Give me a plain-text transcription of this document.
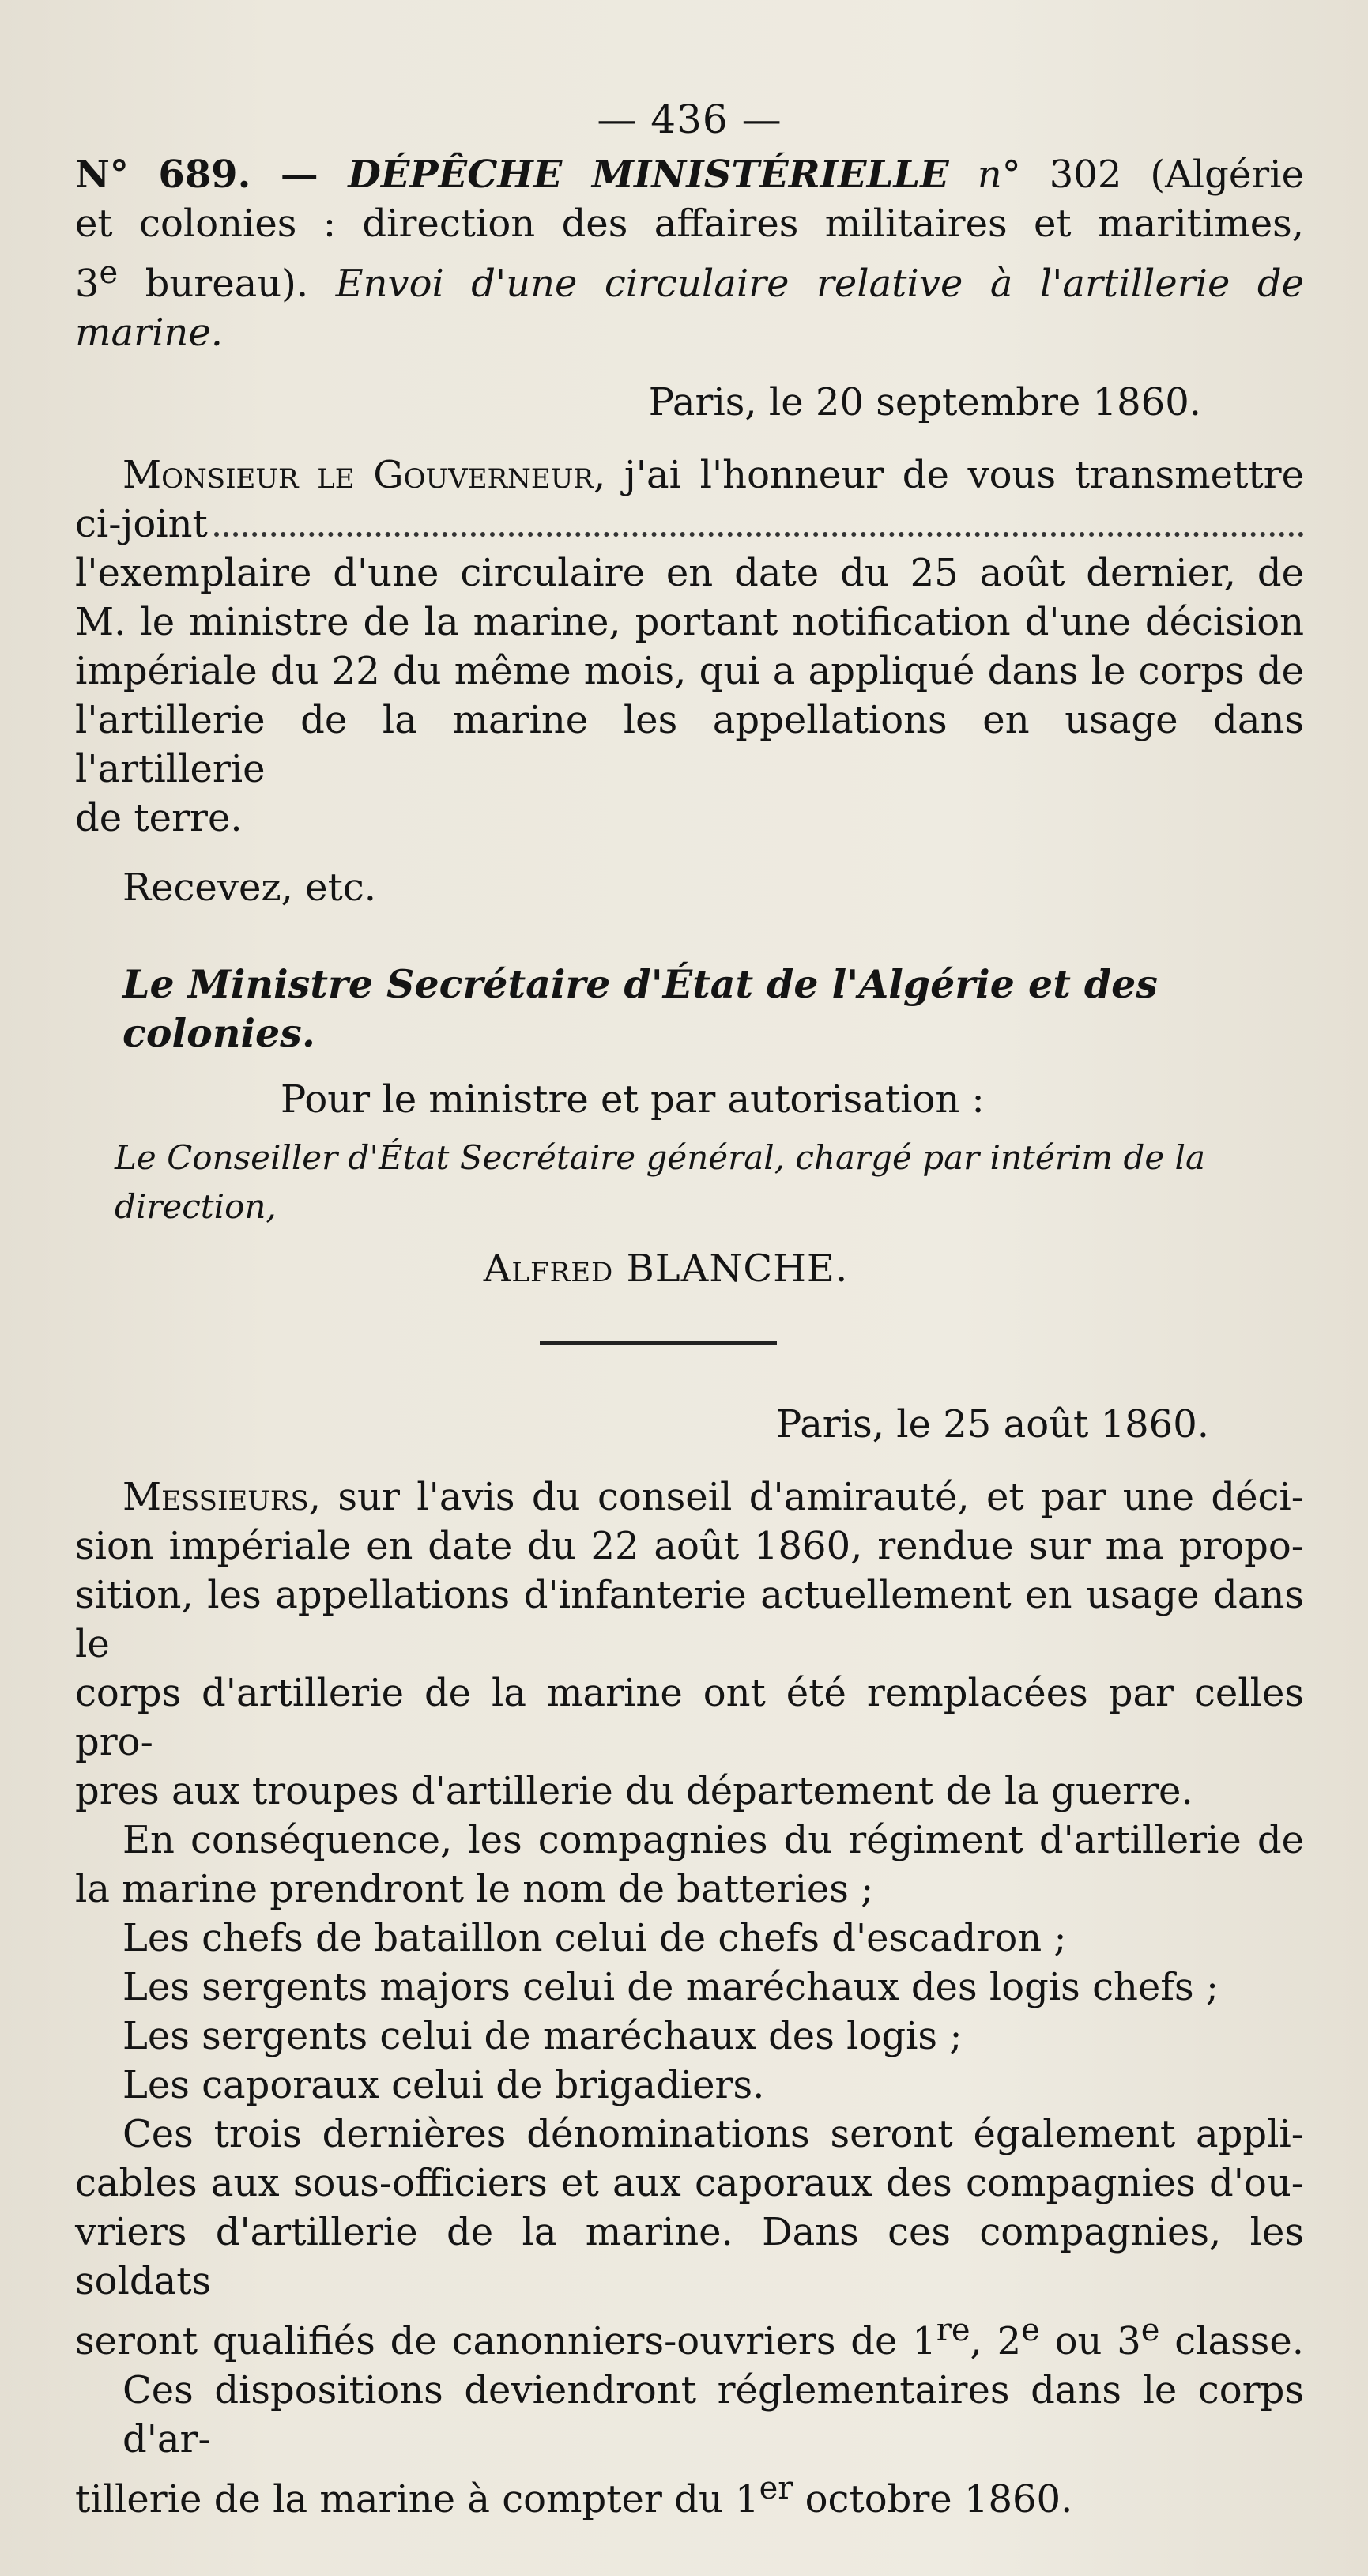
— 436 —

N° 689. — DÉPÊCHE MINISTÉRIELLE n° 302 (Algérie

et colonies : direction des affaires militaires et maritimes,

3e bureau). Envoi d'une circulaire relative à l'artillerie de

marine.

Paris, le 20 septembre 1860.

Monsieur le Gouverneur, j'ai l'honneur de vous transmettre

ci-joint

l'exemplaire d'une circulaire en date du 25 août dernier, de

M. le ministre de la marine, portant notification d'une décision

impériale du 22 du même mois, qui a appliqué dans le corps de

l'artillerie de la marine les appellations en usage dans l'artillerie

de terre.

Recevez, etc.

Le Ministre Secrétaire d'État de l'Algérie et des colonies.

Pour le ministre et par autorisation :

Le Conseiller d'État Secrétaire général, chargé par intérim de la direction,

Alfred BLANCHE.

Paris, le 25 août 1860.

Messieurs, sur l'avis du conseil d'amirauté, et par une déci-

sion impériale en date du 22 août 1860, rendue sur ma propo-

sition, les appellations d'infanterie actuellement en usage dans le

corps d'artillerie de la marine ont été remplacées par celles pro-

pres aux troupes d'artillerie du département de la guerre.

En conséquence, les compagnies du régiment d'artillerie de

la marine prendront le nom de batteries ;

Les chefs de bataillon celui de chefs d'escadron ;

Les sergents majors celui de maréchaux des logis chefs ;

Les sergents celui de maréchaux des logis ;

Les caporaux celui de brigadiers.

Ces trois dernières dénominations seront également appli-

cables aux sous-officiers et aux caporaux des compagnies d'ou-

vriers d'artillerie de la marine. Dans ces compagnies, les soldats

seront qualifiés de canonniers-ouvriers de 1re, 2e ou 3e classe.

Ces dispositions deviendront réglementaires dans le corps d'ar-

tillerie de la marine à compter du 1er octobre 1860.
